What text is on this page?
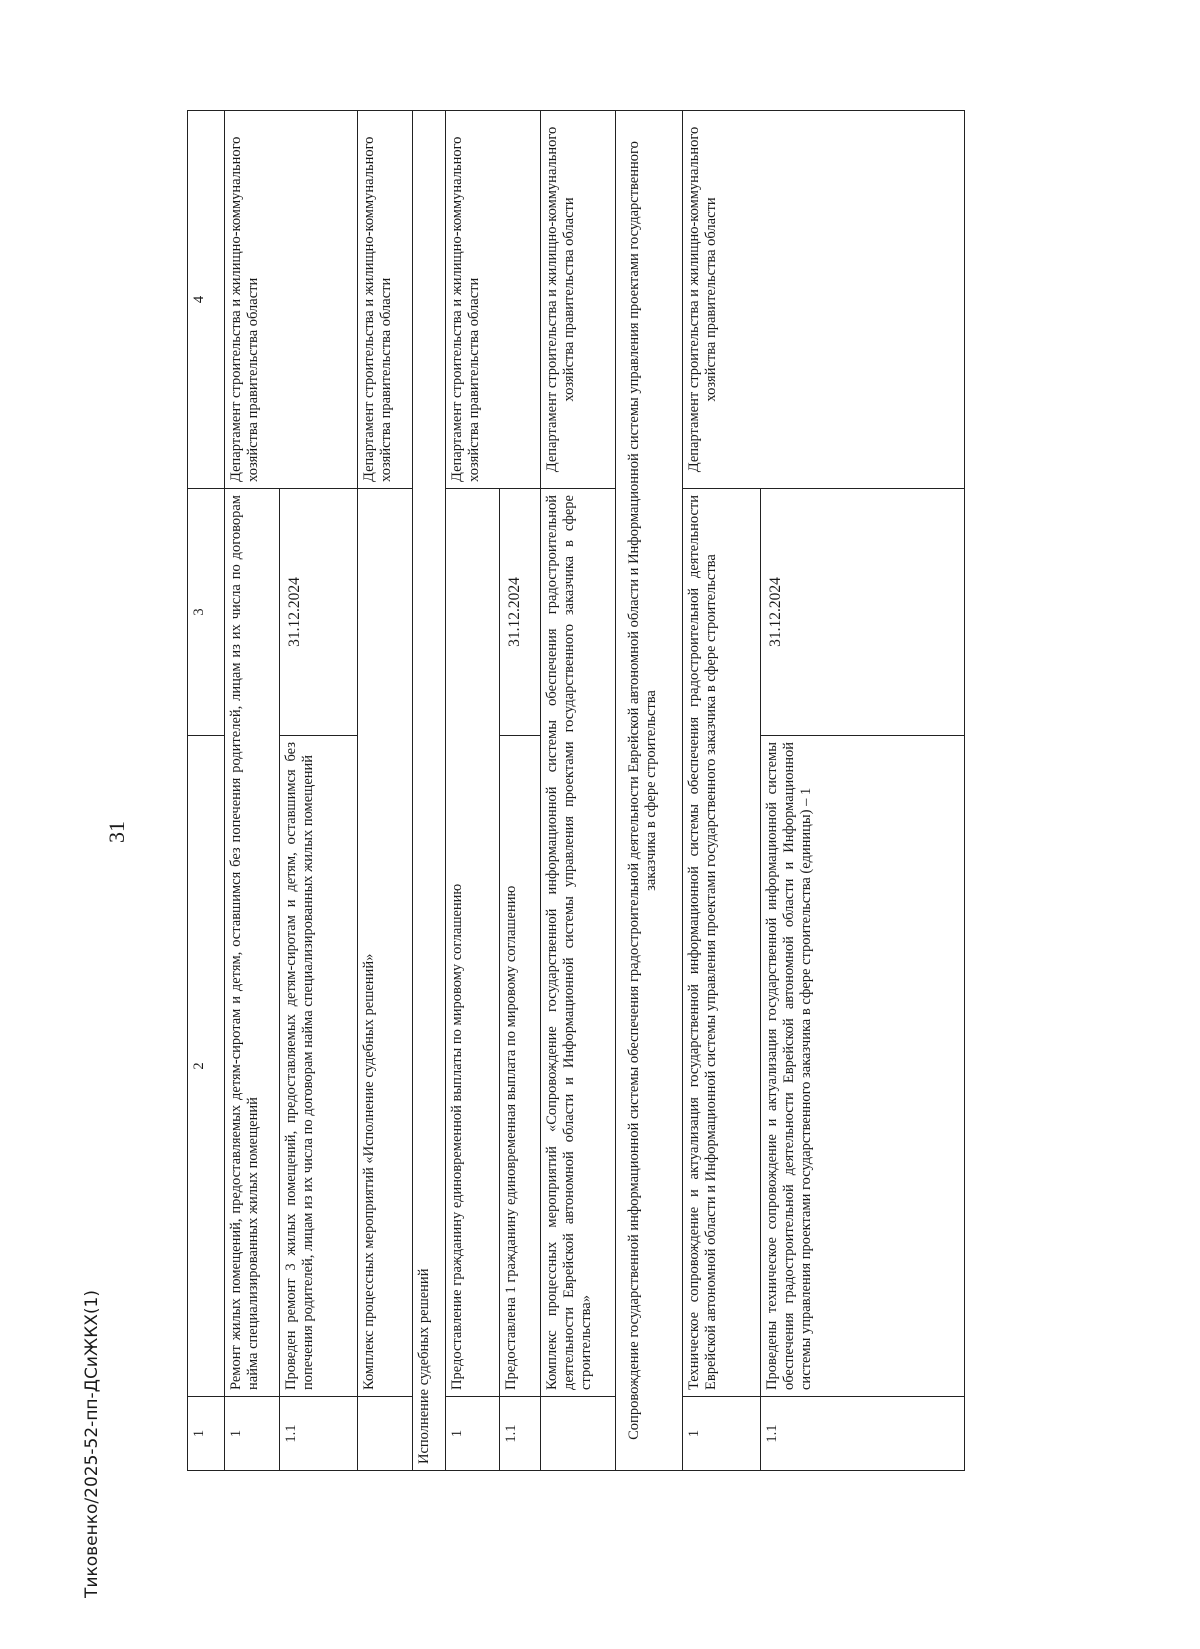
31
Тиковенко/2025-52-пп-ДСиЖКХ(1)	1	2	3	4
1	Ремонт жилых помещений, предоставляемых детям-сиротам и детям, оставшимся без попечения родителей, лицам из их числа по договорам найма специализированных жилых помещений		Департамент строительства и жилищно-коммунального хозяйства правительства области
1.1	Проведен ремонт 3 жилых помещений, предоставляемых детям-сиротам и детям, оставшимся без попечения родителей, лицам из их числа по договорам найма специализированных жилых помещений	31.12.2024	
	Комплекс процессных мероприятий «Исполнение судебных решений»		Департамент строительства и жилищно-коммунального хозяйства правительства области
Исполнение судебных решений			
1	Предоставление гражданину единовременной выплаты по мировому соглашению		Департамент строительства и жилищно-коммунального хозяйства правительства области
1.1	Предоставлена 1 гражданину единовременная выплата по мировому соглашению	31.12.2024	
	Комплекс процессных мероприятий «Сопровождение государственной информационной системы обеспечения градостроительной деятельности Еврейской автономной области и Информационной системы управления проектами государственного заказчика в сфере строительства»		Департамент строительства и жилищно-коммунального хозяйства правительства области
Сопровождение государственной информационной системы обеспечения градостроительной деятельности Еврейской автономной области и Информационной системы управления проектами государственного заказчика в сфере строительства			
1	Техническое сопровождение и актуализация государственной информационной системы обеспечения градостроительной деятельности Еврейской автономной области и Информационной системы управления проектами государственного заказчика в сфере строительства		Департамент строительства и жилищно-коммунального хозяйства правительства области
1.1	Проведены техническое сопровождение и актуализация государственной информационной системы обеспечения градостроительной деятельности Еврейской автономной области и Информационной системы управления проектами государственного заказчика в сфере строительства (единицы) – 1	31.12.2024	
